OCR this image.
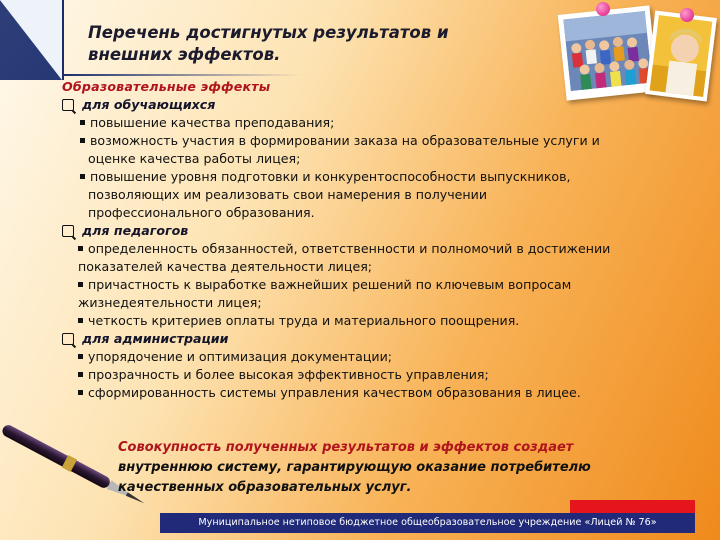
Перечень достигнутых результатов и
внешних эффектов.
Образовательные эффекты
для обучающихся
повышение качества преподавания;
возможность участия в формировании заказа на образовательные услуги и
оценке качества работы лицея;
повышение уровня подготовки и конкурентоспособности выпускников,
позволяющих им реализовать свои намерения в получении
профессионального образования.
для педагогов
определенность обязанностей, ответственности и полномочий в достижении
показателей качества деятельности лицея;
причастность к выработке важнейших решений по ключевым вопросам
жизнедеятельности лицея;
четкость критериев оплаты труда и материального поощрения.
для администрации
упорядочение и оптимизация документации;
прозрачность и более высокая эффективность управления;
сформированность системы управления качеством образования в лицее.
Совокупность полученных результатов и эффектов создает
внутреннюю систему, гарантирующую оказание потребителю
качественных образовательных услуг.
Муниципальное нетиповое бюджетное общеобразовательное учреждение «Лицей № 76»
